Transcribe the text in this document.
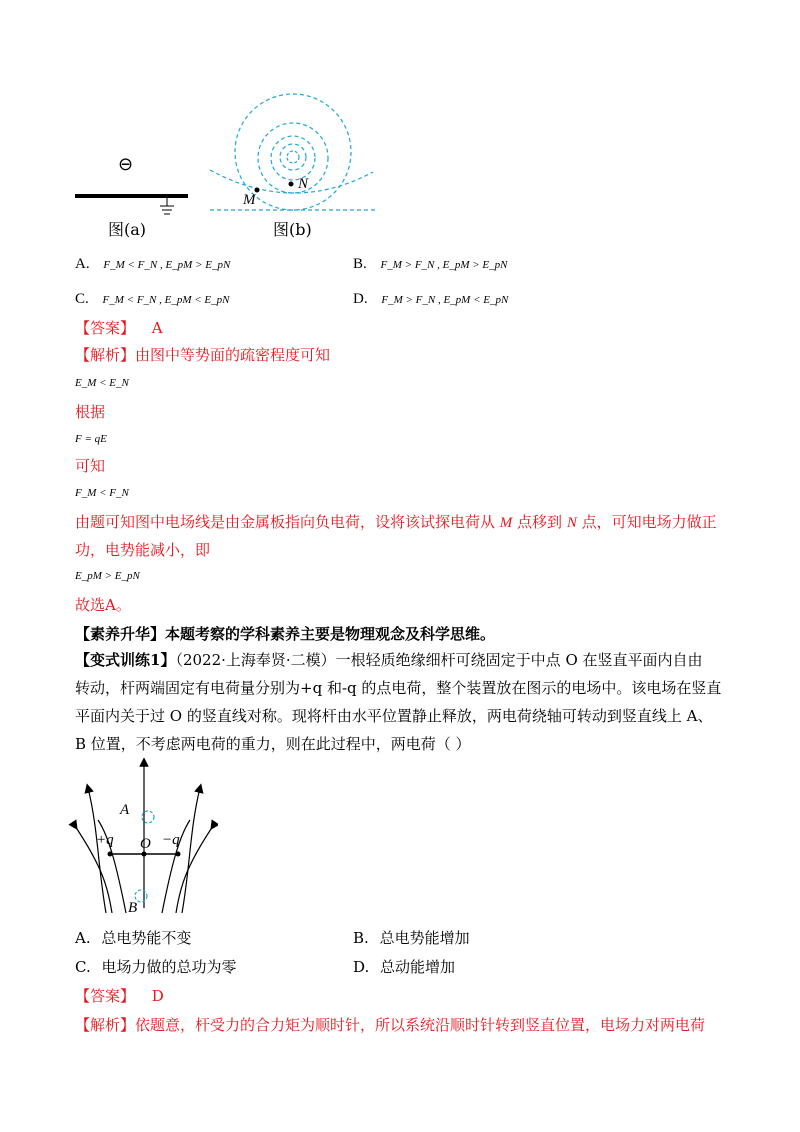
⊖
图(a)
M
N
图(b)
A. F_M < F_N , E_pM > E_pN	B. F_M > F_N , E_pM > E_pN
C. F_M < F_N , E_pM < E_pN	D. F_M > F_N , E_pM < E_pN
【答案】 A
【解析】由图中等势面的疏密程度可知
E_M < E_N
根据
F = qE
可知
F_M < F_N
由题可知图中电场线是由金属板指向负电荷，设将该试探电荷从 M 点移到 N 点，可知电场力做正
功，电势能减小，即
E_pM > E_pN
故选A。
【素养升华】本题考察的学科素养主要是物理观念及科学思维。
【变式训练1】（2022·上海奉贤·二模）一根轻质绝缘细杆可绕固定于中点 O 在竖直平面内自由
转动，杆两端固定有电荷量分别为+q 和-q 的点电荷，整个装置放在图示的电场中。该电场在竖直
平面内关于过 O 的竖直线对称。现将杆由水平位置静止释放，两电荷绕轴可转动到竖直线上 A、
B 位置，不考虑两电荷的重力，则在此过程中，两电荷（ ）
A
+q O −q
B
A. 总电势能不变	B. 总电势能增加
C. 电场力做的总功为零	D. 总动能增加
【答案】 D
【解析】依题意，杆受力的合力矩为顺时针，所以系统沿顺时针转到竖直位置，电场力对两电荷
